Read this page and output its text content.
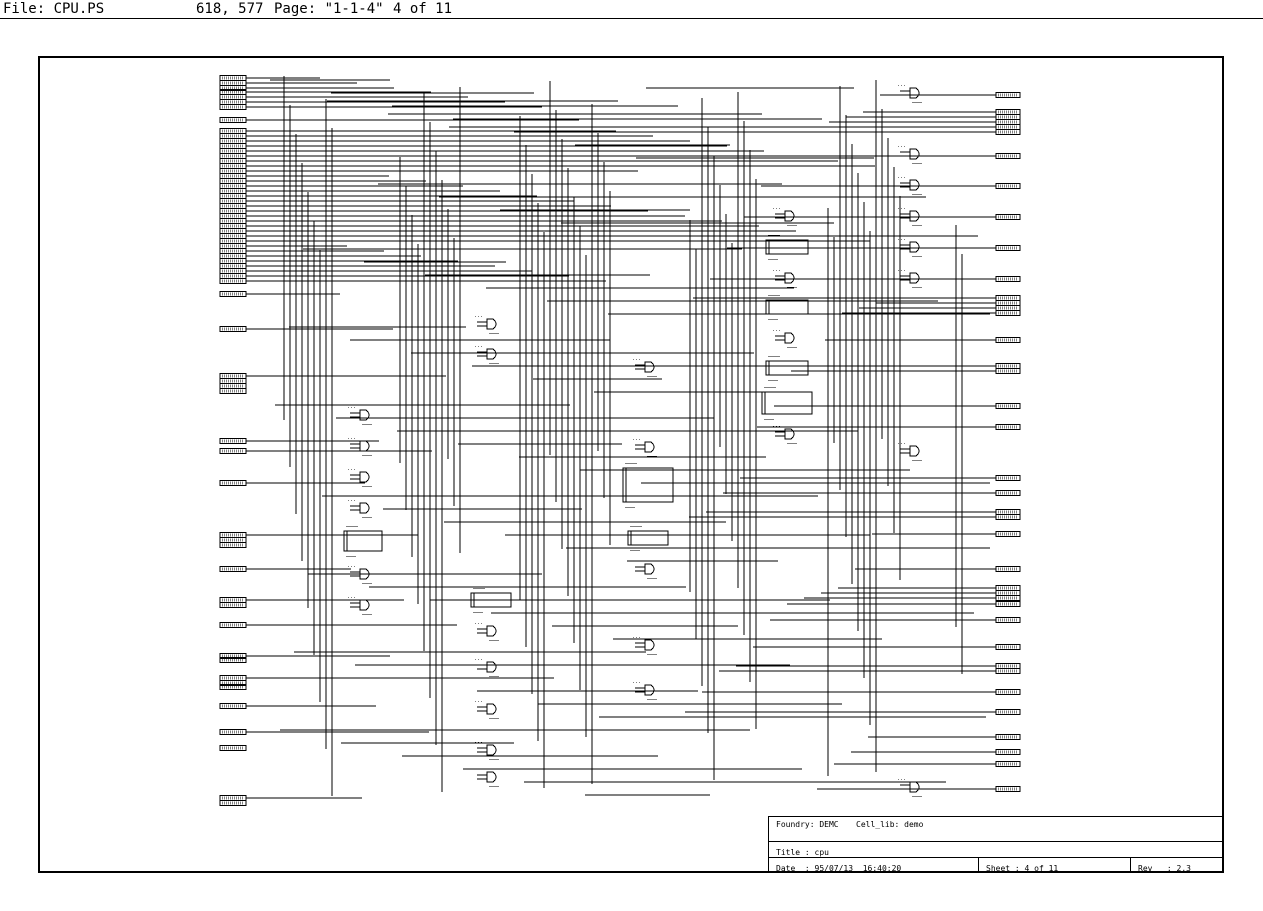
File: CPU.PS	618, 577 Page: "1-1-4" 4 of 11
Foundry: DEMC Cell_lib: demo
Title : cpu
Date  : 95/07/13  16:40:20	Sheet : 4 of 11	Rev   : 2.3
